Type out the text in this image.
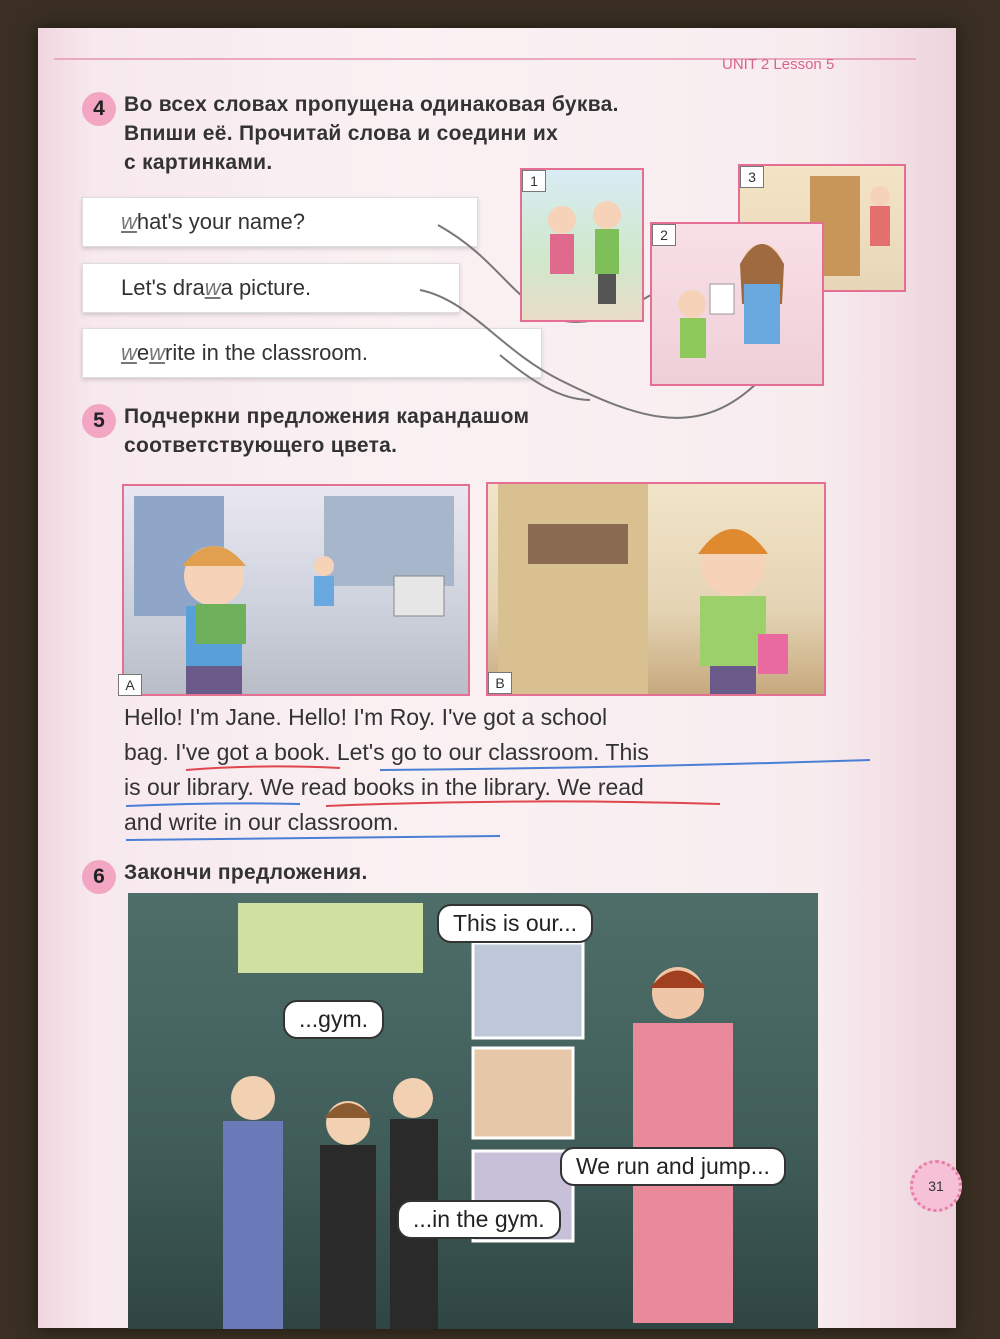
UNIT 2 Lesson 5
4 Во всех словах пропущена одинаковая буква.
Впиши её. Прочитай слова и соедини их
с картинками.
w hat's your name?
Let's dra w a picture.
w e w rite in the classroom.
1	3
2
5 Подчеркни предложения карандашом
соответствующего цвета.
A	B
Hello! I'm Jane. Hello! I'm Roy. I've got a school
bag. I've got a book. Let's go to our classroom. This
is our library. We read books in the library. We read
and write in our classroom.
6 Закончи предложения.
This is our...
...gym.
We run and jump...
...in the gym.
31
